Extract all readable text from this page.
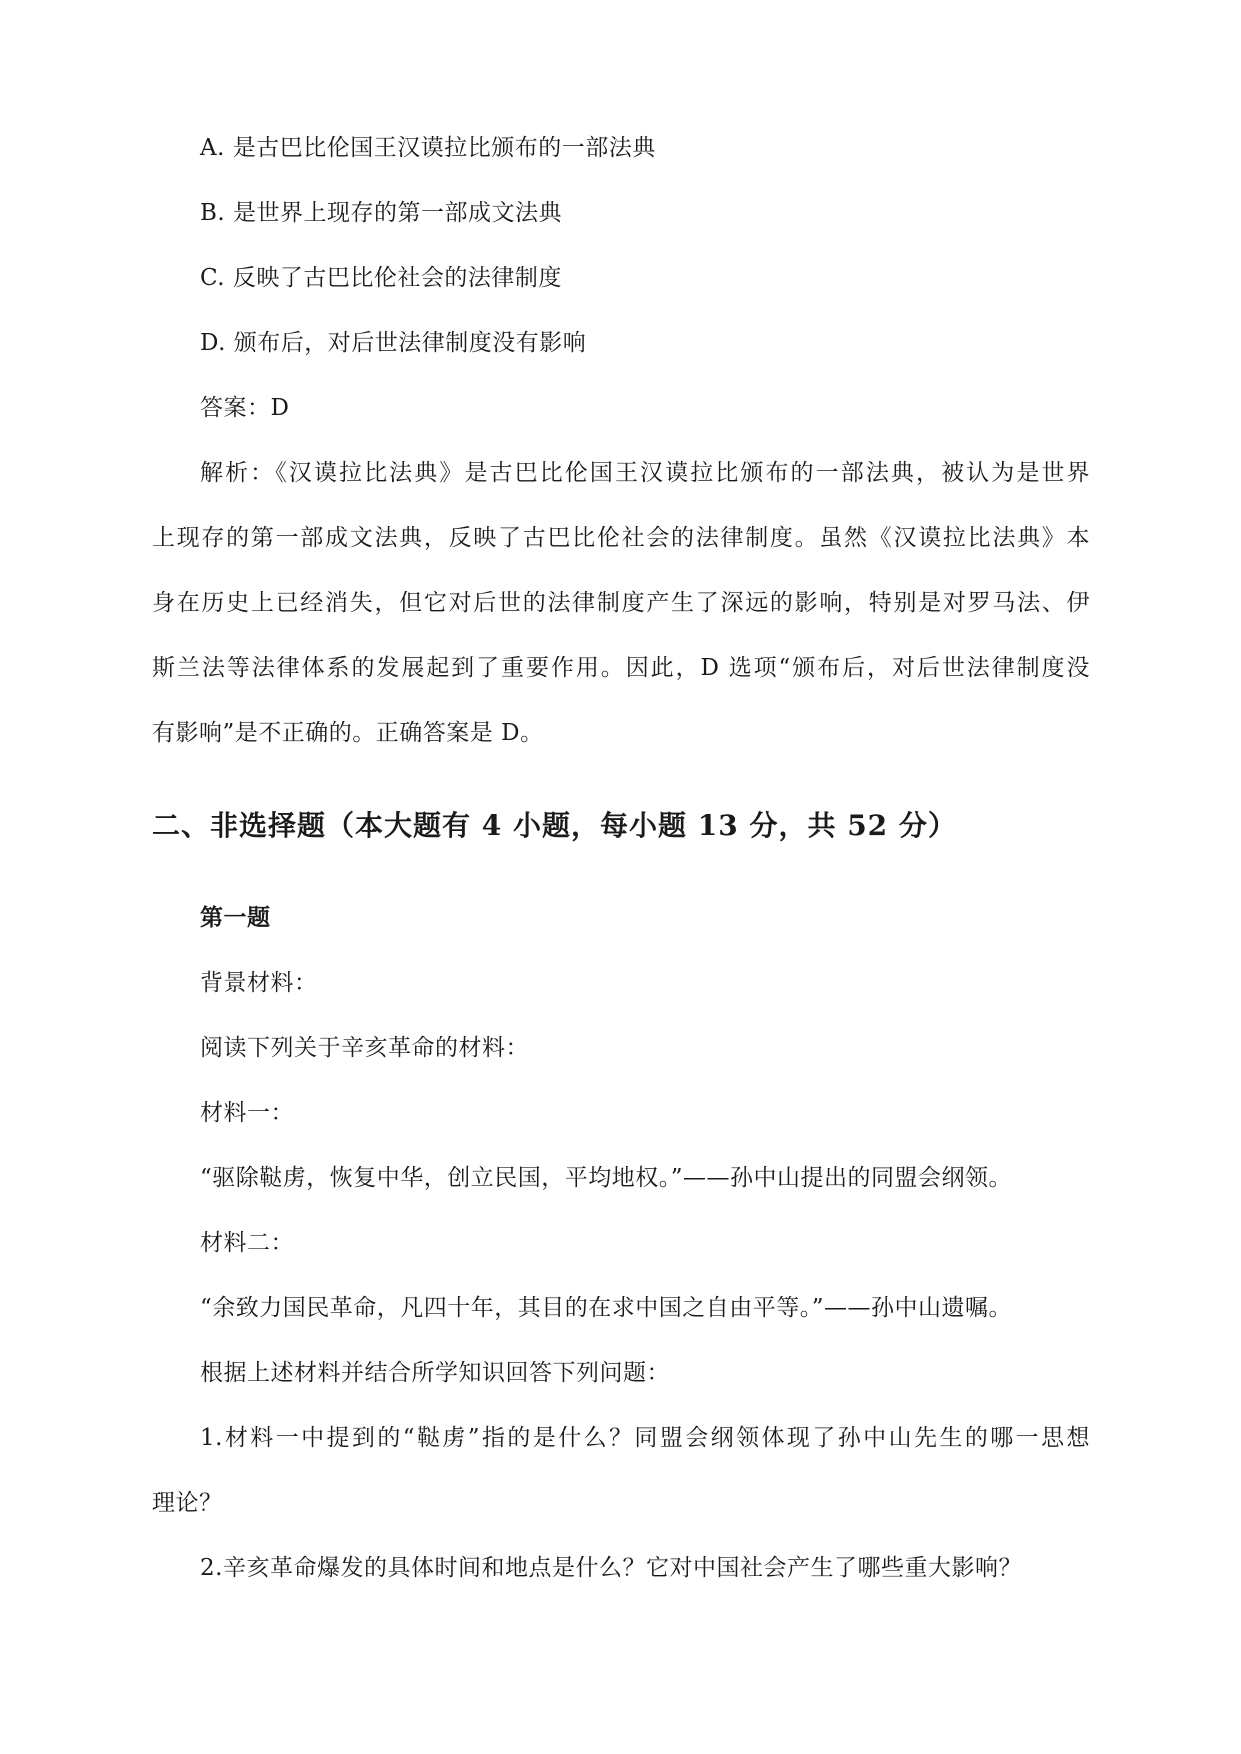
A. 是古巴比伦国王汉谟拉比颁布的一部法典
B. 是世界上现存的第一部成文法典
C. 反映了古巴比伦社会的法律制度
D. 颁布后，对后世法律制度没有影响
答案：D
解析：《汉谟拉比法典》是古巴比伦国王汉谟拉比颁布的一部法典，被认为是世界
上现存的第一部成文法典，反映了古巴比伦社会的法律制度。虽然《汉谟拉比法典》本
身在历史上已经消失，但它对后世的法律制度产生了深远的影响，特别是对罗马法、伊
斯兰法等法律体系的发展起到了重要作用。因此，D 选项“颁布后，对后世法律制度没
有影响”是不正确的。正确答案是 D。
二、非选择题（本大题有 4 小题，每小题 13 分，共 52 分）
第一题
背景材料：
阅读下列关于辛亥革命的材料：
材料一：
“驱除鞑虏，恢复中华，创立民国，平均地权。”——孙中山提出的同盟会纲领。
材料二：
“余致力国民革命，凡四十年，其目的在求中国之自由平等。”——孙中山遗嘱。
根据上述材料并结合所学知识回答下列问题：
1.材料一中提到的“鞑虏”指的是什么？同盟会纲领体现了孙中山先生的哪一思想
理论？
2.辛亥革命爆发的具体时间和地点是什么？它对中国社会产生了哪些重大影响？
